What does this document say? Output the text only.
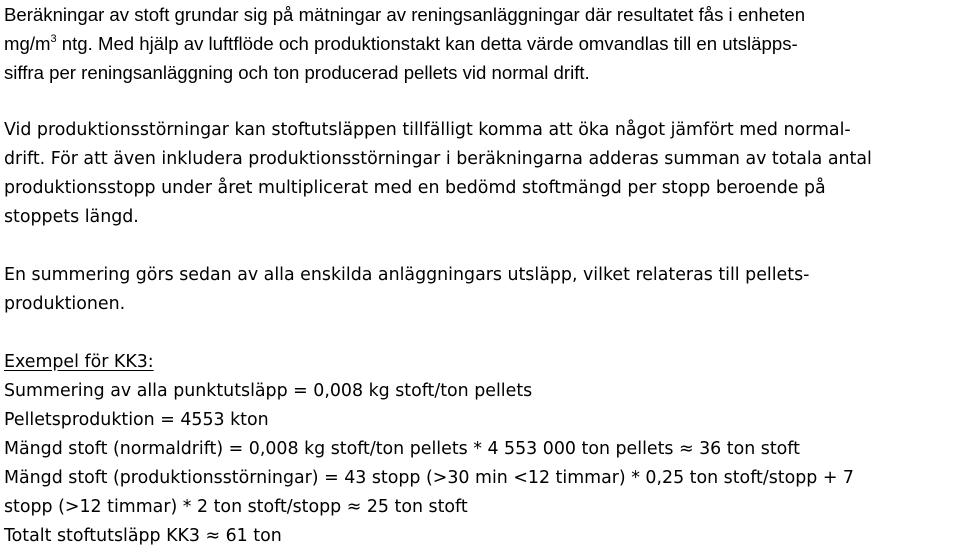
Beräkningar av stoft grundar sig på mätningar av reningsanläggningar där resultatet fås i enheten
$mg/m^3$ ntg. Med hjälp av luftflöde och produktionstakt kan detta värde omvandlas till en utsläpps-
siffra per reningsanläggning och ton producerad pellets vid normal drift.
Vid produktionsstörningar kan stoftutsläppen tillfälligt komma att öka något jämfört med normal-
drift. För att även inkludera produktionsstörningar i beräkningarna adderas summan av totala antal
produktionsstopp under året multiplicerat med en bedömd stoftmängd per stopp beroende på
stoppets längd.
En summering görs sedan av alla enskilda anläggningars utsläpp, vilket relateras till pellets-
produktionen.
Exempel för KK3:
Summering av alla punktutsläpp = 0,008 kg stoft/ton pellets
Pelletsproduktion = 4553 kton
Mängd stoft (normaldrift) = 0,008 kg stoft/ton pellets * 4 553 000 ton pellets ≈ 36 ton stoft
Mängd stoft (produktionsstörningar) = 43 stopp (>30 min <12 timmar) * 0,25 ton stoft/stopp + 7
stopp (>12 timmar) * 2 ton stoft/stopp ≈ 25 ton stoft
Totalt stoftutsläpp KK3 ≈ 61 ton
